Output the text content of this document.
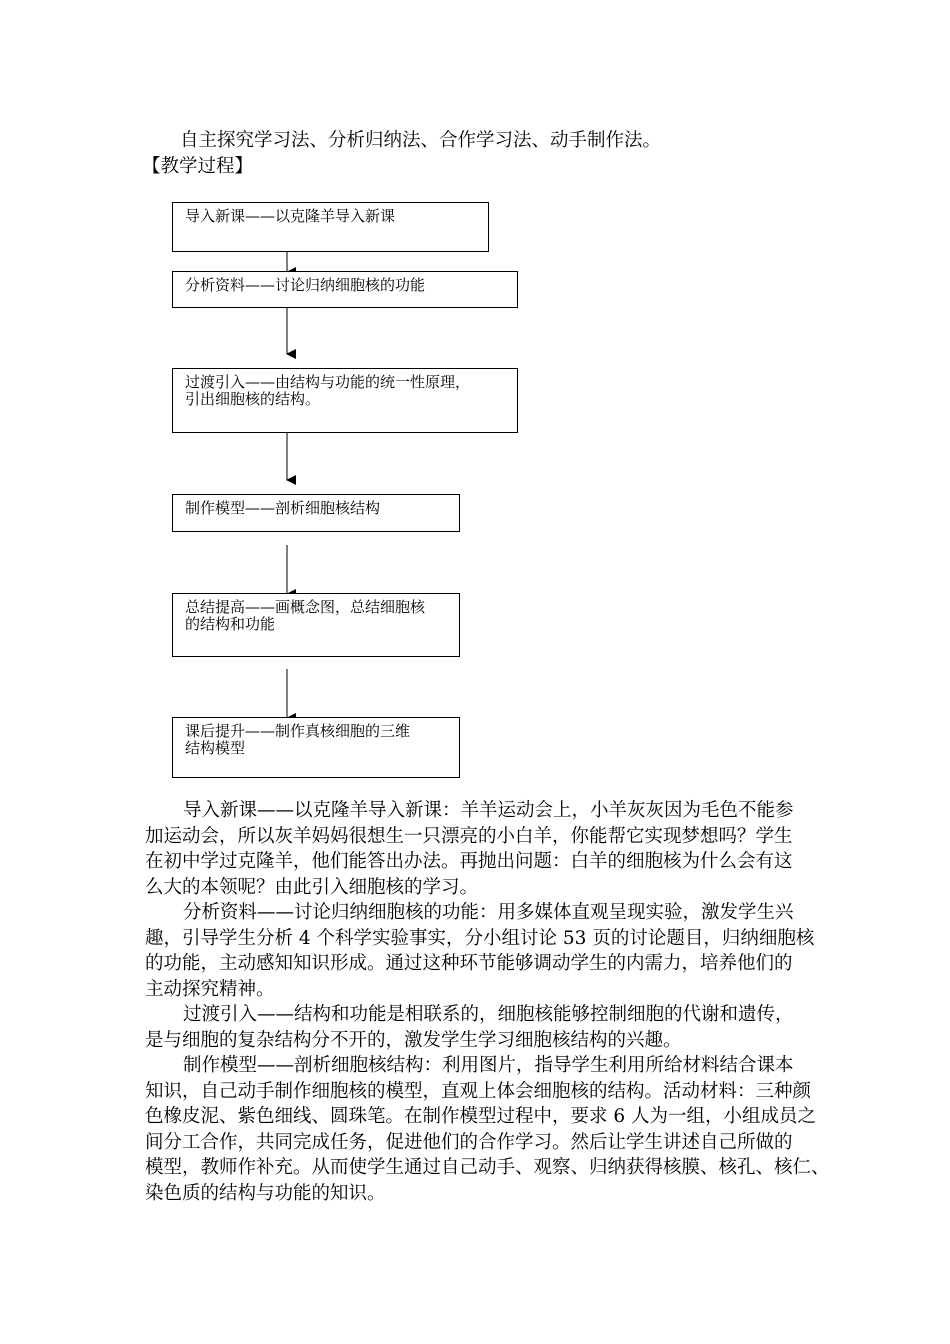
自主探究学习法、分析归纳法、合作学习法、动手制作法。
【教学过程】
导入新课——以克隆羊导入新课
分析资料——讨论归纳细胞核的功能
过渡引入——由结构与功能的统一性原理，
引出细胞核的结构。
制作模型——剖析细胞核结构
总结提高——画概念图，总结细胞核
的结构和功能
课后提升——制作真核细胞的三维
结构模型
导入新课——以克隆羊导入新课：羊羊运动会上，小羊灰灰因为毛色不能参
加运动会，所以灰羊妈妈很想生一只漂亮的小白羊，你能帮它实现梦想吗？学生
在初中学过克隆羊，他们能答出办法。再抛出问题：白羊的细胞核为什么会有这
么大的本领呢？由此引入细胞核的学习。
分析资料——讨论归纳细胞核的功能：用多媒体直观呈现实验，激发学生兴
趣，引导学生分析 4 个科学实验事实，分小组讨论 53 页的讨论题目，归纳细胞核
的功能，主动感知知识形成。通过这种环节能够调动学生的内需力，培养他们的
主动探究精神。
过渡引入——结构和功能是相联系的，细胞核能够控制细胞的代谢和遗传，
是与细胞的复杂结构分不开的，激发学生学习细胞核结构的兴趣。
制作模型——剖析细胞核结构：利用图片，指导学生利用所给材料结合课本
知识，自己动手制作细胞核的模型，直观上体会细胞核的结构。活动材料：三种颜
色橡皮泥、紫色细线、圆珠笔。在制作模型过程中，要求 6 人为一组，小组成员之
间分工合作，共同完成任务，促进他们的合作学习。然后让学生讲述自己所做的
模型，教师作补充。从而使学生通过自己动手、观察、归纳获得核膜、核孔、核仁、
染色质的结构与功能的知识。
